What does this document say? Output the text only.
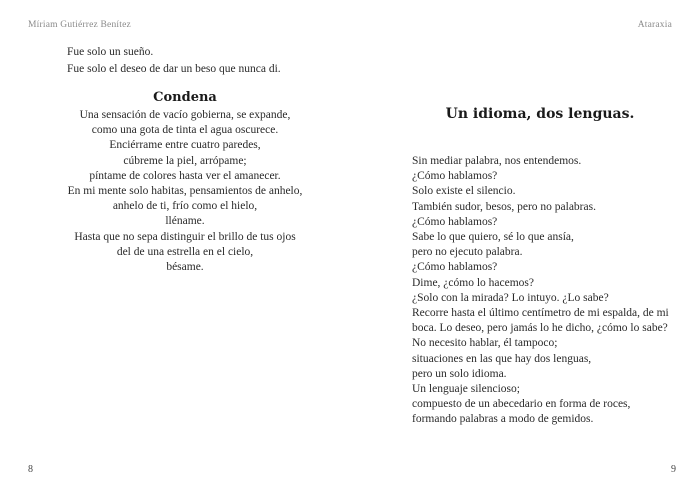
Míriam Gutiérrez Benítez
Fue solo un sueño.
Fue solo el deseo de dar un beso que nunca di.
Condena
Una sensación de vacío gobierna, se expande,
como una gota de tinta el agua oscurece.
Enciérrame entre cuatro paredes,
cúbreme la piel, arrópame;
píntame de colores hasta ver el amanecer.
En mi mente solo habitas, pensamientos de anhelo,
anhelo de ti, frío como el hielo,
lléname.
Hasta que no sepa distinguir el brillo de tus ojos
del de una estrella en el cielo,
bésame.
8
Ataraxia
Un idioma, dos lenguas.
Sin mediar palabra, nos entendemos.
¿Cómo hablamos?
Solo existe el silencio.
También sudor, besos, pero no palabras.
¿Cómo hablamos?
Sabe lo que quiero, sé lo que ansía,
pero no ejecuto palabra.
¿Cómo hablamos?
Dime, ¿cómo lo hacemos?
¿Solo con la mirada? Lo intuyo. ¿Lo sabe?
Recorre hasta el último centímetro de mi espalda, de mi
boca. Lo deseo, pero jamás lo he dicho, ¿cómo lo sabe?
No necesito hablar, él tampoco;
situaciones en las que hay dos lenguas,
pero un solo idioma.
Un lenguaje silencioso;
compuesto de un abecedario en forma de roces,
formando palabras a modo de gemidos.
9
